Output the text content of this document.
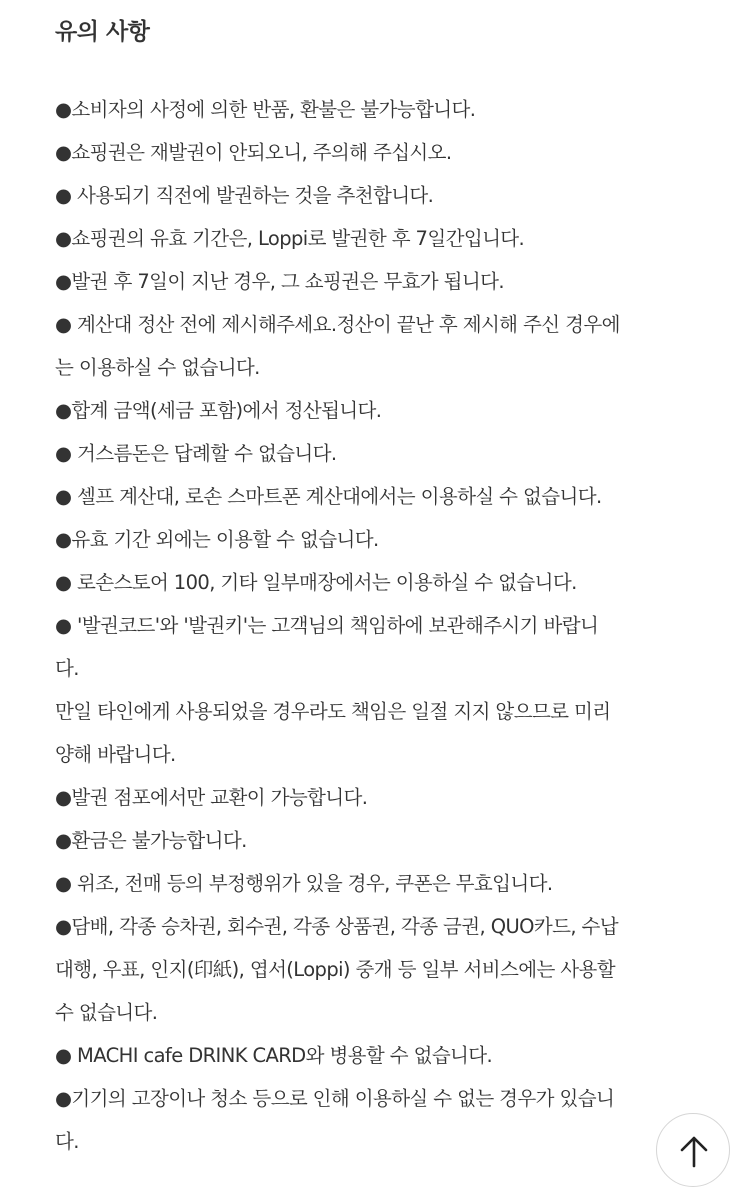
유의 사항
●소비자의 사정에 의한 반품, 환불은 불가능합니다.
●쇼핑권은 재발권이 안되오니, 주의해 주십시오.
● 사용되기 직전에 발권하는 것을 추천합니다.
●쇼핑권의 유효 기간은, Loppi로 발권한 후 7일간입니다.
●발권 후 7일이 지난 경우, 그 쇼핑권은 무효가 됩니다.
● 계산대 정산 전에 제시해주세요.정산이 끝난 후 제시해 주신 경우에
는 이용하실 수 없습니다.
●합계 금액(세금 포함)에서 정산됩니다.
● 거스름돈은 답례할 수 없습니다.
● 셀프 계산대, 로손 스마트폰 계산대에서는 이용하실 수 없습니다.
●유효 기간 외에는 이용할 수 없습니다.
● 로손스토어 100, 기타 일부매장에서는 이용하실 수 없습니다.
● '발권코드'와 '발권키'는 고객님의 책임하에 보관해주시기 바랍니
다.
만일 타인에게 사용되었을 경우라도 책임은 일절 지지 않으므로 미리
양해 바랍니다.
●발권 점포에서만 교환이 가능합니다.
●환금은 불가능합니다.
● 위조, 전매 등의 부정행위가 있을 경우, 쿠폰은 무효입니다.
●담배, 각종 승차권, 회수권, 각종 상품권, 각종 금권, QUO카드, 수납
대행, 우표, 인지(印紙), 엽서(Loppi) 중개 등 일부 서비스에는 사용할
수 없습니다.
● MACHI cafe DRINK CARD와 병용할 수 없습니다.
●기기의 고장이나 청소 등으로 인해 이용하실 수 없는 경우가 있습니
다.
